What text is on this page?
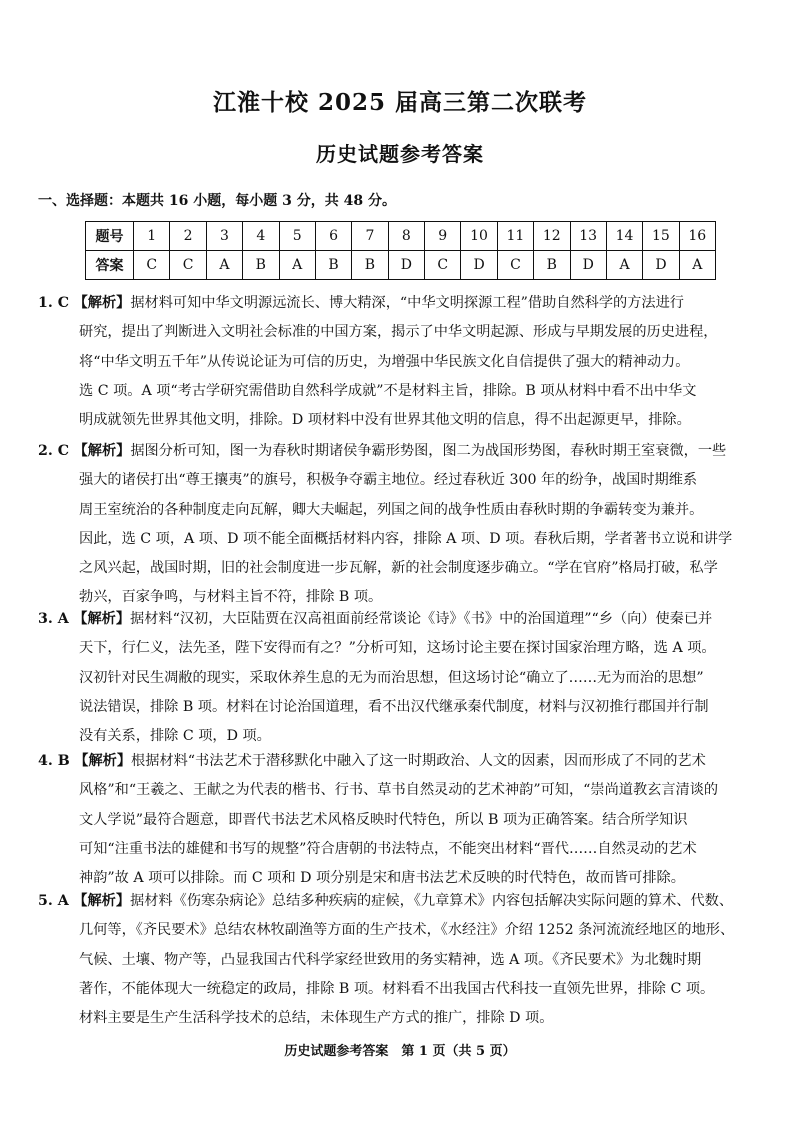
江淮十校 2025 届高三第二次联考
历史试题参考答案
一、选择题：本题共 16 小题，每小题 3 分，共 48 分。
题号	1	2	3	4	5	6	7	8	9	10	11	12	13	14	15	16
答案	C	C	A	B	A	B	B	D	C	D	C	B	D	A	D	A

1. C 【解析】据材料可知中华文明源远流长、博大精深，“中华文明探源工程”借助自然科学的方法进行

研究，提出了判断进入文明社会标准的中国方案，揭示了中华文明起源、形成与早期发展的历史进程，

将“中华文明五千年”从传说论证为可信的历史，为增强中华民族文化自信提供了强大的精神动力。

选 C 项。A 项“考古学研究需借助自然科学成就”不是材料主旨，排除。B 项从材料中看不出中华文

明成就领先世界其他文明，排除。D 项材料中没有世界其他文明的信息，得不出起源更早，排除。

2. C 【解析】据图分析可知，图一为春秋时期诸侯争霸形势图，图二为战国形势图，春秋时期王室衰微，一些

强大的诸侯打出“尊王攘夷”的旗号，积极争夺霸主地位。经过春秋近 300 年的纷争，战国时期维系

周王室统治的各种制度走向瓦解，卿大夫崛起，列国之间的战争性质由春秋时期的争霸转变为兼并。

因此，选 C 项，A 项、D 项不能全面概括材料内容，排除 A 项、D 项。春秋后期，学者著书立说和讲学

之风兴起，战国时期，旧的社会制度进一步瓦解，新的社会制度逐步确立。“学在官府”格局打破，私学

勃兴，百家争鸣，与材料主旨不符，排除 B 项。

3. A 【解析】据材料“汉初，大臣陆贾在汉高祖面前经常谈论《诗》《书》中的治国道理”“乡（向）使秦已并

天下，行仁义，法先圣，陛下安得而有之？”分析可知，这场讨论主要在探讨国家治理方略，选 A 项。

汉初针对民生凋敝的现实，采取休养生息的无为而治思想，但这场讨论“确立了……无为而治的思想”

说法错误，排除 B 项。材料在讨论治国道理，看不出汉代继承秦代制度，材料与汉初推行郡国并行制

没有关系，排除 C 项，D 项。

4. B 【解析】根据材料“书法艺术于潜移默化中融入了这一时期政治、人文的因素，因而形成了不同的艺术

风格”和“王羲之、王献之为代表的楷书、行书、草书自然灵动的艺术神韵”可知，“崇尚道教玄言清谈的

文人学说”最符合题意，即晋代书法艺术风格反映时代特色，所以 B 项为正确答案。结合所学知识

可知“注重书法的雄健和书写的规整”符合唐朝的书法特点，不能突出材料“晋代……自然灵动的艺术

神韵”故 A 项可以排除。而 C 项和 D 项分别是宋和唐书法艺术反映的时代特色，故而皆可排除。

5. A 【解析】据材料《伤寒杂病论》总结多种疾病的症候，《九章算术》内容包括解决实际问题的算术、代数、

几何等，《齐民要术》总结农林牧副渔等方面的生产技术，《水经注》介绍 1252 条河流流经地区的地形、

气候、土壤、物产等，凸显我国古代科学家经世致用的务实精神，选 A 项。《齐民要术》为北魏时期

著作，不能体现大一统稳定的政局，排除 B 项。材料看不出我国古代科技一直领先世界，排除 C 项。

材料主要是生产生活科学技术的总结，未体现生产方式的推广，排除 D 项。

历史试题参考答案　第 1 页（共 5 页）
